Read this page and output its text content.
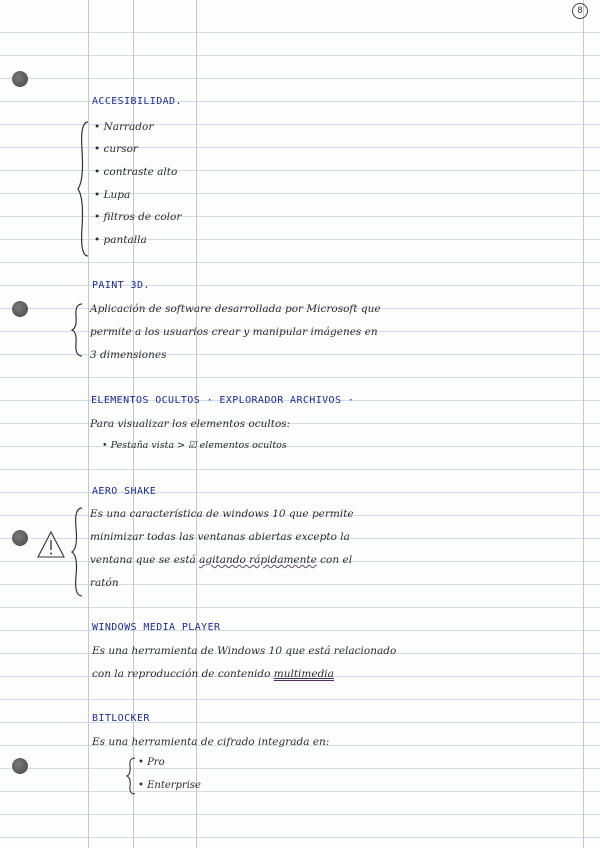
8
ACCESIBILIDAD.
• Narrador
• cursor
• contraste alto
• Lupa
• filtros de color
• pantalla
PAINT 3D.
Aplicación de software desarrollada por Microsoft que
permite a los usuarios crear y manipular imágenes en
3 dimensiones
ELEMENTOS OCULTOS · EXPLORADOR ARCHIVOS ·
Para visualizar los elementos ocultos:
• Pestaña vista > ☑ elementos ocultos
AERO SHAKE
Es una característica de windows 10 que permite
minimizar todas las ventanas abiertas excepto la
ventana que se está agitando rápidamente con el
ratón
WINDOWS MEDIA PLAYER
Es una herramienta de Windows 10 que está relacionado
con la reproducción de contenido multimedia
BITLOCKER
Es una herramienta de cifrado integrada en:
• Pro
• Enterprise
